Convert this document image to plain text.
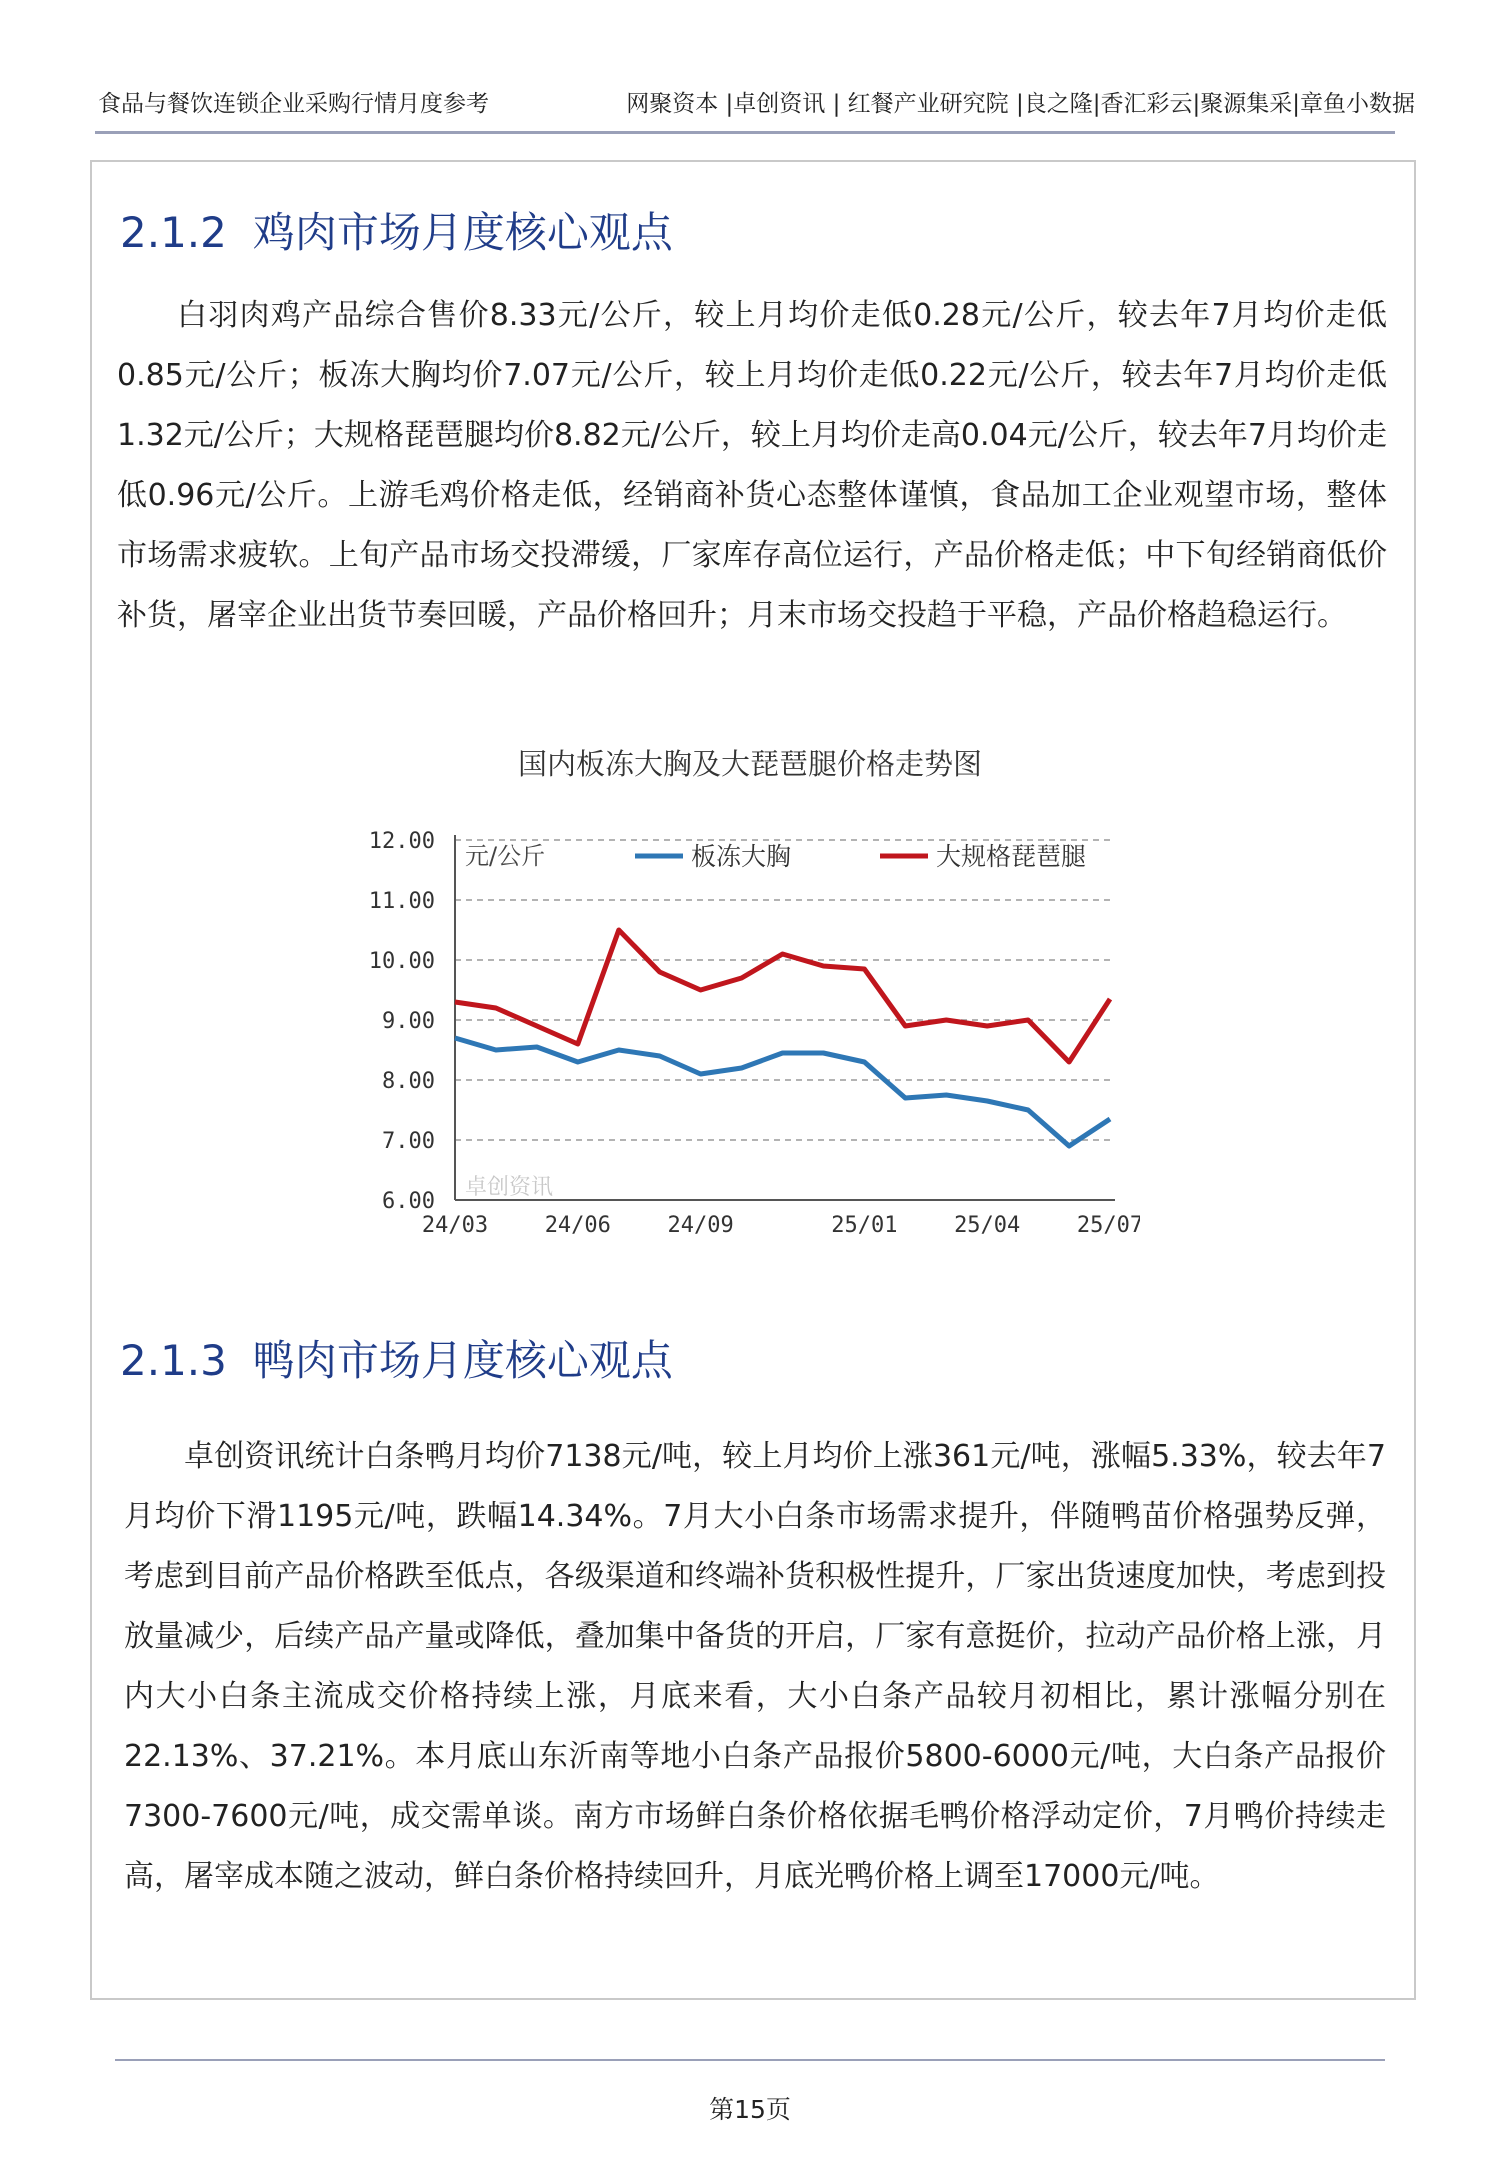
食品与餐饮连锁企业采购行情月度参考	网聚资本 |卓创资讯 | 红餐产业研究院 |良之隆|香汇彩云|聚源集采|章鱼小数据
2.1.2 鸡肉市场月度核心观点

白羽肉鸡产品综合售价8.33元/公斤，较上月均价走低0.28元/公斤，较去年7月均价走低0.85元/公斤；板冻大胸均价7.07元/公斤，较上月均价走低0.22元/公斤，较去年7月均价走低1.32元/公斤；大规格琵琶腿均价8.82元/公斤，较上月均价走高0.04元/公斤，较去年7月均价走低0.96元/公斤。上游毛鸡价格走低，经销商补货心态整体谨慎，食品加工企业观望市场，整体市场需求疲软。上旬产品市场交投滞缓，厂家库存高位运行，产品价格走低；中下旬经销商低价补货，屠宰企业出货节奏回暖，产品价格回升；月末市场交投趋于平稳，产品价格趋稳运行。

国内板冻大胸及大琵琶腿价格走势图
12.00
11.00
10.00
9.00
8.00
7.00
6.00
24/03	24/06	24/09	25/01	25/04	25/07
卓创资讯
元/公斤	板冻大胸	大规格琵琶腿
2.1.3 鸭肉市场月度核心观点

卓创资讯统计白条鸭月均价7138元/吨，较上月均价上涨361元/吨，涨幅5.33%，较去年7月均价下滑1195元/吨，跌幅14.34%。7月大小白条市场需求提升，伴随鸭苗价格强势反弹，考虑到目前产品价格跌至低点，各级渠道和终端补货积极性提升，厂家出货速度加快，考虑到投放量减少，后续产品产量或降低，叠加集中备货的开启，厂家有意挺价，拉动产品价格上涨，月内大小白条主流成交价格持续上涨，月底来看，大小白条产品较月初相比，累计涨幅分别在22.13%、37.21%。本月底山东沂南等地小白条产品报价5800-6000元/吨，大白条产品报价7300-7600元/吨，成交需单谈。南方市场鲜白条价格依据毛鸭价格浮动定价，7月鸭价持续走高，屠宰成本随之波动，鲜白条价格持续回升，月底光鸭价格上调至17000元/吨。

第15页
